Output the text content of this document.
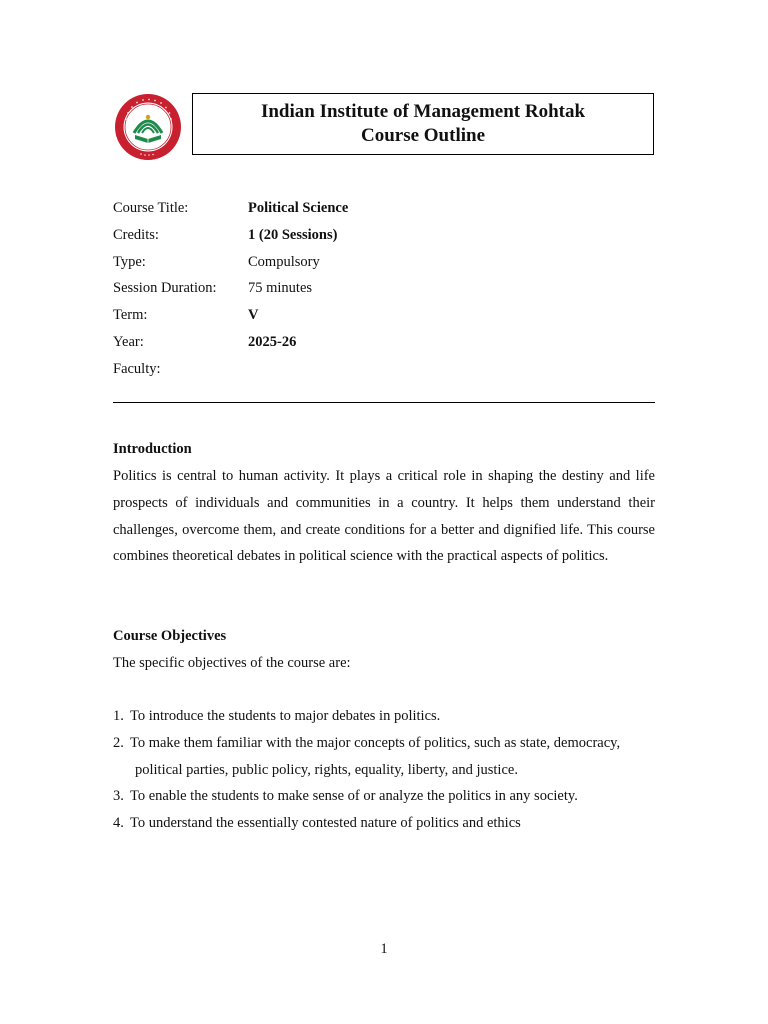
Indian Institute of Management Rohtak
Course Outline
Course Title:	Political Science
Credits:	1 (20 Sessions)
Type:	Compulsory
Session Duration: 75 minutes
Term:	V
Year:	2025-26
Faculty:
Introduction

Politics is central to human activity. It plays a critical role in shaping the destiny and life prospects of individuals and communities in a country. It helps them understand their challenges, overcome them, and create conditions for a better and dignified life. This course combines theoretical debates in political science with the practical aspects of politics.

Course Objectives
The specific objectives of the course are:
1. To introduce the students to major debates in politics.
2. To make them familiar with the major concepts of politics, such as state, democracy,
political parties, public policy, rights, equality, liberty, and justice.
3. To enable the students to make sense of or analyze the politics in any society.
4. To understand the essentially contested nature of politics and ethics
1
